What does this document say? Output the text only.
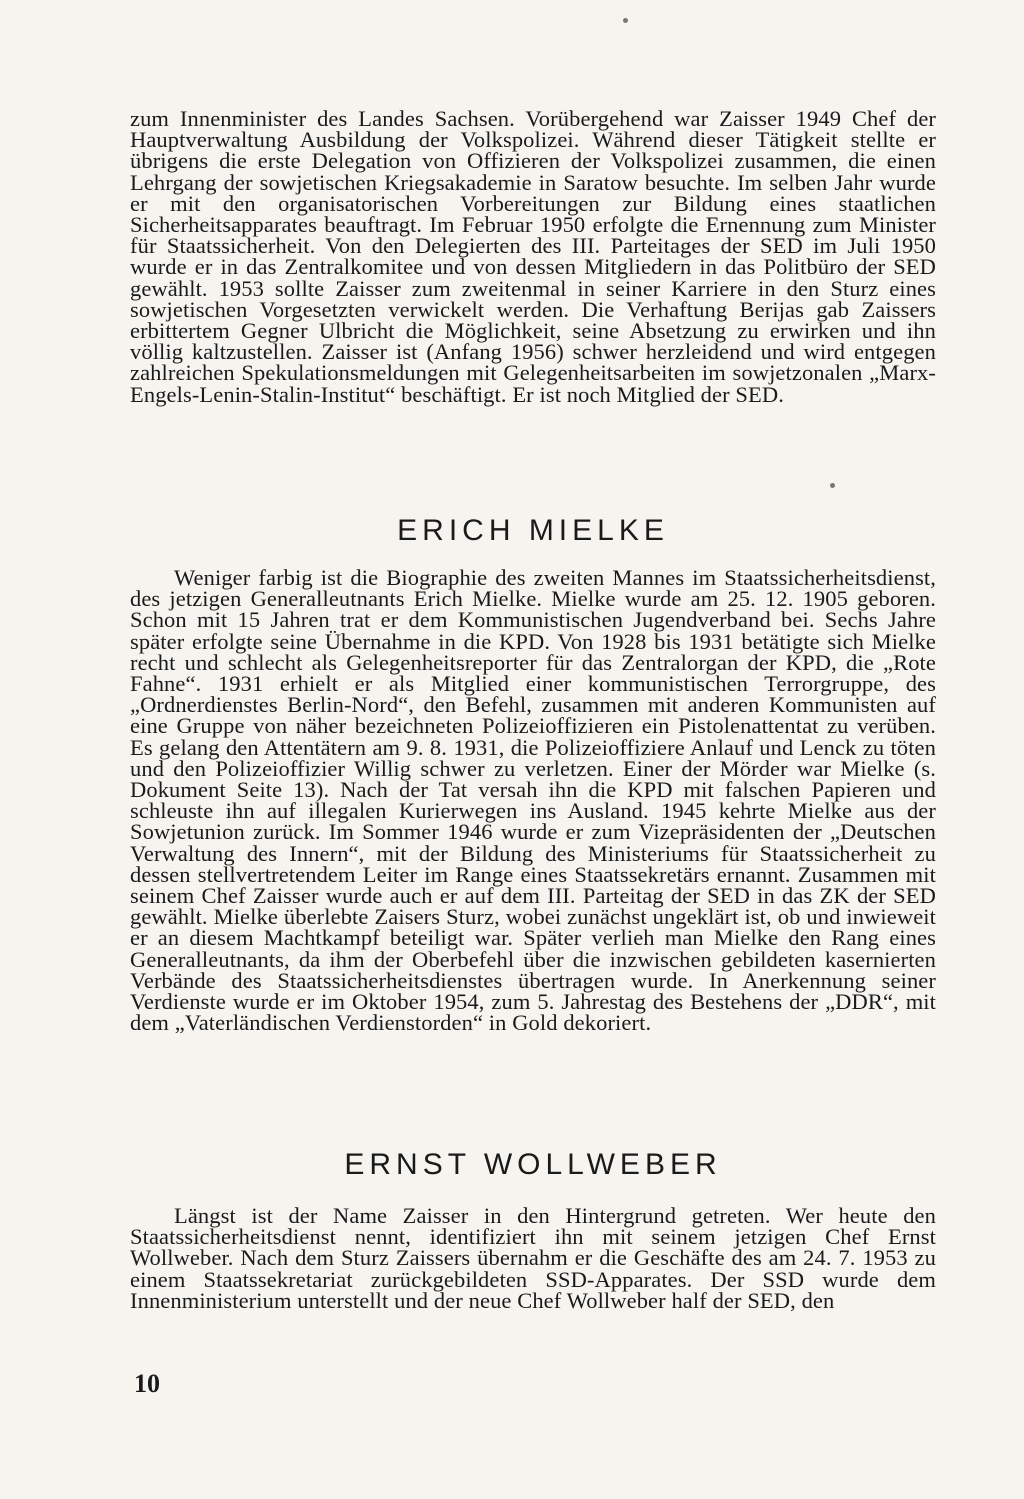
zum Innenminister des Landes Sachsen. Vorübergehend war Zaisser 1949 Chef der Hauptverwaltung Ausbildung der Volkspolizei. Während dieser Tätigkeit stellte er übrigens die erste Delegation von Offizieren der Volkspolizei zusammen, die einen Lehrgang der sowjetischen Kriegsakademie in Saratow besuchte. Im selben Jahr wurde er mit den organisatorischen Vorbereitungen zur Bildung eines staatlichen Sicherheitsapparates beauftragt. Im Februar 1950 erfolgte die Ernennung zum Minister für Staatssicherheit. Von den Delegierten des III. Parteitages der SED im Juli 1950 wurde er in das Zentralkomitee und von dessen Mitgliedern in das Politbüro der SED gewählt. 1953 sollte Zaisser zum zweitenmal in seiner Karriere in den Sturz eines sowjetischen Vorgesetzten verwickelt werden. Die Verhaftung Berijas gab Zaissers erbittertem Gegner Ulbricht die Möglichkeit, seine Absetzung zu erwirken und ihn völlig kaltzustellen. Zaisser ist (Anfang 1956) schwer herzleidend und wird entgegen zahlreichen Spekulationsmeldungen mit Gelegenheitsarbeiten im sowjetzonalen „Marx-Engels-Lenin-Stalin-Institut“ beschäftigt. Er ist noch Mitglied der SED.

ERICH MIELKE

Weniger farbig ist die Biographie des zweiten Mannes im Staatssicherheitsdienst, des jetzigen Generalleutnants Erich Mielke. Mielke wurde am 25. 12. 1905 geboren. Schon mit 15 Jahren trat er dem Kommunistischen Jugendverband bei. Sechs Jahre später erfolgte seine Übernahme in die KPD. Von 1928 bis 1931 betätigte sich Mielke recht und schlecht als Gelegenheitsreporter für das Zentralorgan der KPD, die „Rote Fahne“. 1931 erhielt er als Mitglied einer kommunistischen Terrorgruppe, des „Ordnerdienstes Berlin-Nord“, den Befehl, zusammen mit anderen Kommunisten auf eine Gruppe von näher bezeichneten Polizeioffizieren ein Pistolenattentat zu verüben. Es gelang den Attentätern am 9. 8. 1931, die Polizeioffiziere Anlauf und Lenck zu töten und den Polizeioffizier Willig schwer zu verletzen. Einer der Mörder war Mielke (s. Dokument Seite 13). Nach der Tat versah ihn die KPD mit falschen Papieren und schleuste ihn auf illegalen Kurierwegen ins Ausland. 1945 kehrte Mielke aus der Sowjetunion zurück. Im Sommer 1946 wurde er zum Vizepräsidenten der „Deutschen Verwaltung des Innern“, mit der Bildung des Ministeriums für Staatssicherheit zu dessen stellvertretendem Leiter im Range eines Staatssekretärs ernannt. Zusammen mit seinem Chef Zaisser wurde auch er auf dem III. Parteitag der SED in das ZK der SED gewählt. Mielke überlebte Zaisers Sturz, wobei zunächst ungeklärt ist, ob und inwieweit er an diesem Machtkampf beteiligt war. Später verlieh man Mielke den Rang eines Generalleutnants, da ihm der Oberbefehl über die inzwischen gebildeten kasernierten Verbände des Staatssicherheitsdienstes übertragen wurde. In Anerkennung seiner Verdienste wurde er im Oktober 1954, zum 5. Jahrestag des Bestehens der „DDR“, mit dem „Vaterländischen Verdienstorden“ in Gold dekoriert.

ERNST WOLLWEBER

Längst ist der Name Zaisser in den Hintergrund getreten. Wer heute den Staatssicherheitsdienst nennt, identifiziert ihn mit seinem jetzigen Chef Ernst Wollweber. Nach dem Sturz Zaissers übernahm er die Geschäfte des am 24. 7. 1953 zu einem Staatssekretariat zurückgebildeten SSD-Apparates. Der SSD wurde dem Innenministerium unterstellt und der neue Chef Wollweber half der SED, den

10
